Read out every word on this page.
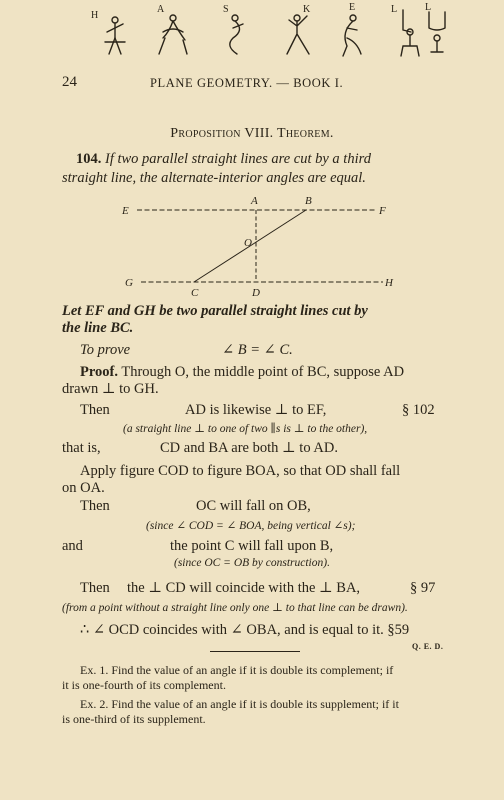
H
A	S	K	E	L	L
24	PLANE GEOMETRY. — BOOK I.
Proposition VIII. Theorem.
104. If two parallel straight lines are cut by a third
straight line, the alternate-interior angles are equal.
E	F
G	H
A	B
O
C	D
Let EF and GH be two parallel straight lines cut by
the line BC.
To prove	∠ B = ∠ C.
Proof. Through O, the middle point of BC, suppose AD
drawn ⊥ to GH.
Then	AD is likewise ⊥ to EF,	§ 102
(a straight line ⊥ to one of two ∥s is ⊥ to the other),
that is,	CD and BA are both ⊥ to AD.
Apply figure COD to figure BOA, so that OD shall fall
on OA.
Then	OC will fall on OB,
(since ∠ COD = ∠ BOA, being vertical ∠s);
and	the point C will fall upon B,
(since OC = OB by construction).
Then the ⊥ CD will coincide with the ⊥ BA,	§ 97
(from a point without a straight line only one ⊥ to that line can be drawn).
∴ ∠ OCD coincides with ∠ OBA, and is equal to it. §59
Q. E. D.
Ex. 1. Find the value of an angle if it is double its complement; if
it is one-fourth of its complement.
Ex. 2. Find the value of an angle if it is double its supplement; if it
is one-third of its supplement.
